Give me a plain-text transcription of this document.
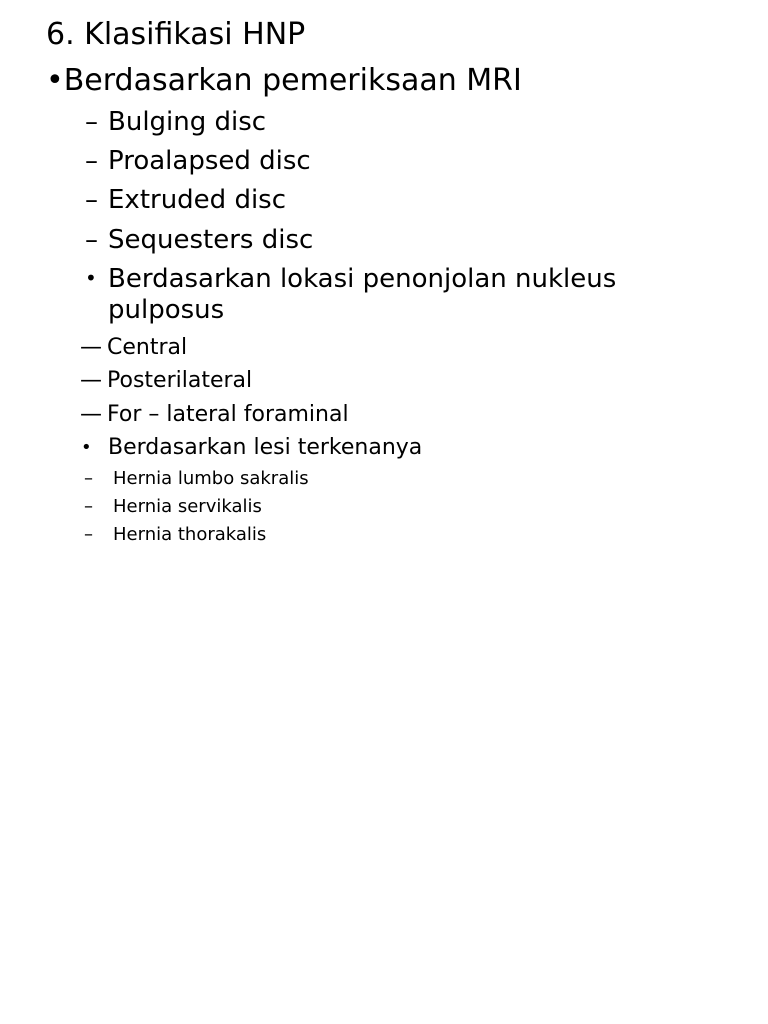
6. Klasifikasi HNP
•Berdasarkan pemeriksaan MRI
– Bulging disc
– Proalapsed disc
– Extruded disc
– Sequesters disc
• Berdasarkan lokasi penonjolan nukleus
pulposus
— Central
— Posterilateral
— For – lateral foraminal
• Berdasarkan lesi terkenanya
– Hernia lumbo sakralis
– Hernia servikalis
– Hernia thorakalis
